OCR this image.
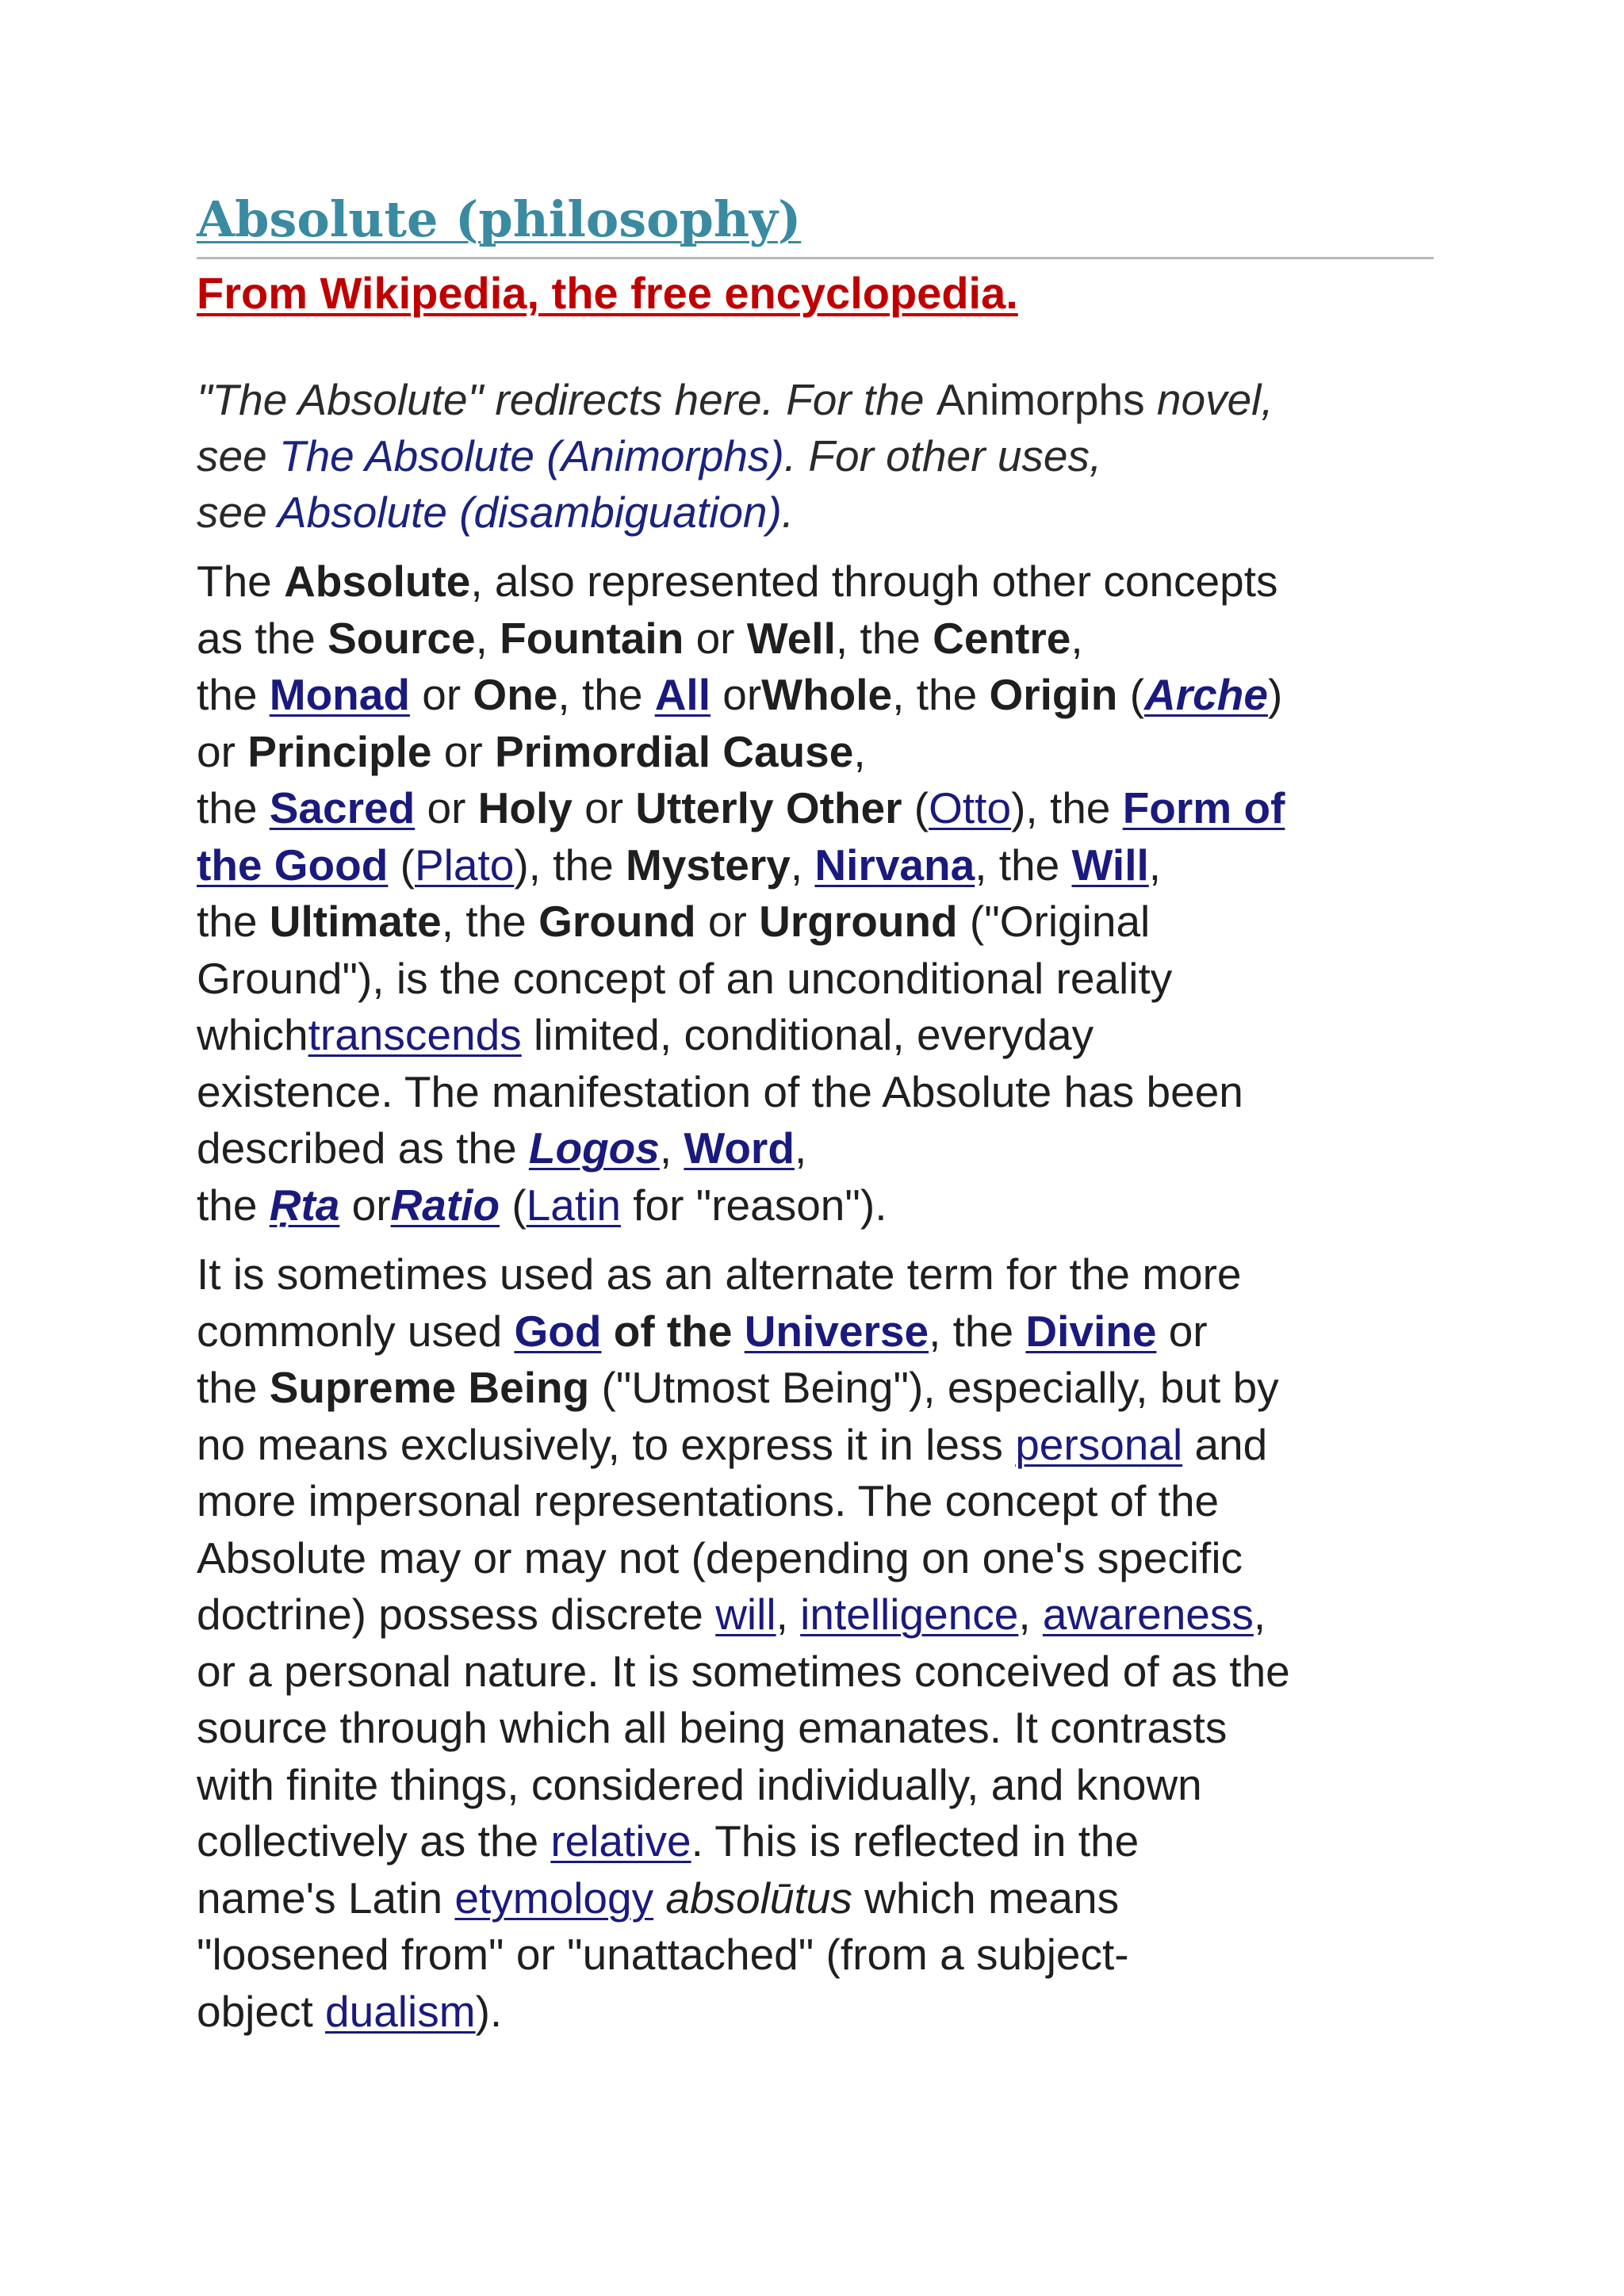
Absolute (philosophy)
From Wikipedia, the free encyclopedia.
"The Absolute" redirects here. For the Animorphs novel,
see The Absolute (Animorphs). For other uses,
see Absolute (disambiguation).

The Absolute, also represented through other concepts
as the Source, Fountain or Well, the Centre,
the Monad or One, the All orWhole, the Origin (Arche)
or Principle or Primordial Cause,
the Sacred or Holy or Utterly Other (Otto), the Form of
the Good (Plato), the Mystery, Nirvana, the Will,
the Ultimate, the Ground or Urground ("Original
Ground"), is the concept of an unconditional reality
whichtranscends limited, conditional, everyday
existence. The manifestation of the Absolute has been
described as the Logos, Word,
the Ṛta orRatio (Latin for "reason").

It is sometimes used as an alternate term for the more
commonly used God of the Universe, the Divine or
the Supreme Being ("Utmost Being"), especially, but by
no means exclusively, to express it in less personal and
more impersonal representations. The concept of the
Absolute may or may not (depending on one's specific
doctrine) possess discrete will, intelligence, awareness,
or a personal nature. It is sometimes conceived of as the
source through which all being emanates. It contrasts
with finite things, considered individually, and known
collectively as the relative. This is reflected in the
name's Latin etymology absolūtus which means
"loosened from" or "unattached" (from a subject-
object dualism).
